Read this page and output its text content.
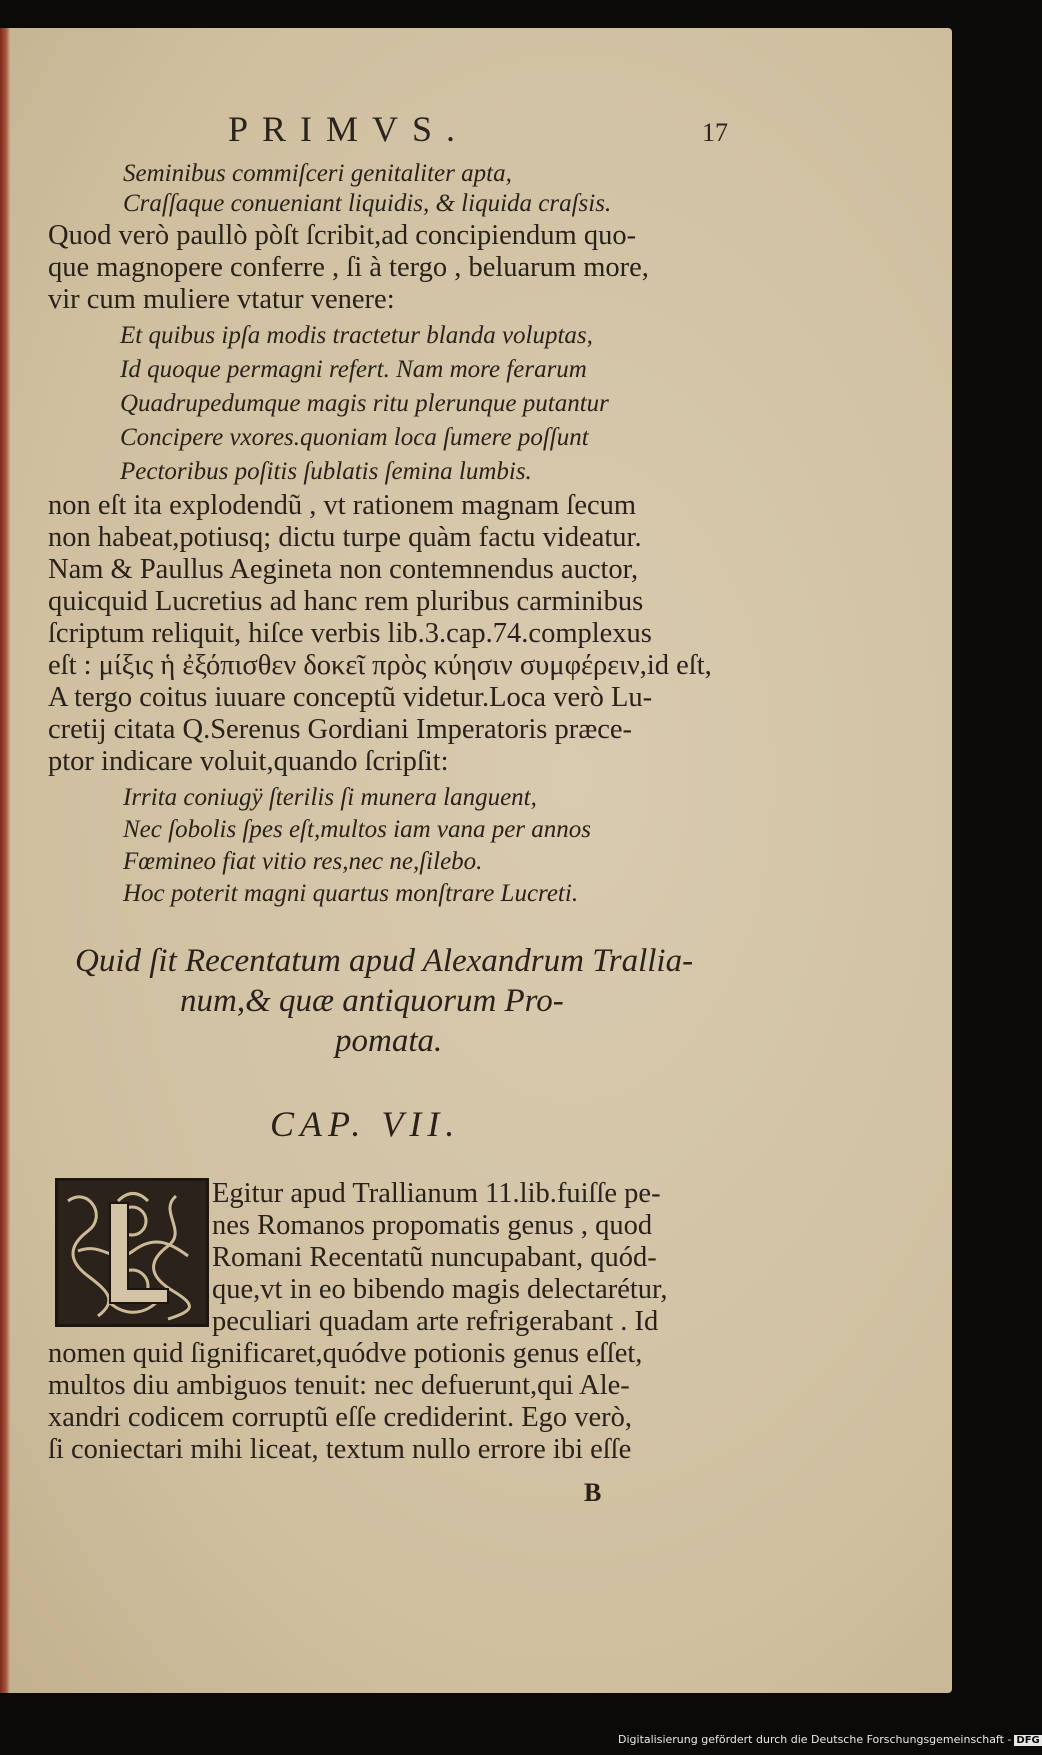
PRIMVS.	17
Seminibus commiſceri genitaliter apta,
Craſſaque conueniant liquidis, & liquida craſsis.
Quod verò paullò pòſt ſcribit,ad concipiendum quo-
que magnopere conferre , ſi à tergo , beluarum more,
vir cum muliere vtatur venere:
Et quibus ipſa modis tractetur blanda voluptas,
Id quoque permagni refert. Nam more ferarum
Quadrupedumque magis ritu plerunque putantur
Concipere vxores.quoniam loca ſumere poſſunt
Pectoribus poſitis ſublatis ſemina lumbis.
non eſt ita explodendũ , vt rationem magnam ſecum
non habeat,potiusq; dictu turpe quàm factu videatur.
Nam & Paullus Aegineta non contemnendus auctor,
quicquid Lucretius ad hanc rem pluribus carminibus
ſcriptum reliquit, hiſce verbis lib.3.cap.74.complexus
eſt : μίξις ἡ ἐξόπισθεν δοκεῖ πρὸς κύησιν συμφέρειν,id eſt,
A tergo coitus iuuare conceptũ videtur.Loca verò Lu-
cretij citata Q.Serenus Gordiani Imperatoris præce-
ptor indicare voluit,quando ſcripſit:
Irrita coniugÿ ſterilis ſi munera languent,
Nec ſobolis ſpes eſt,multos iam vana per annos
Fœmineo fiat vitio res,nec ne,ſilebo.
Hoc poterit magni quartus monſtrare Lucreti.
Quid ſit Recentatum apud Alexandrum Trallia-
num,& quæ antiquorum Pro-
pomata.
CAP. VII.
Egitur apud Trallianum 11.lib.fuiſſe pe-
nes Romanos propomatis genus , quod
Romani Recentatũ nuncupabant, quód-
que,vt in eo bibendo magis delectarétur,
peculiari quadam arte refrigerabant . Id
nomen quid ſignificaret,quódve potionis genus eſſet,
multos diu ambiguos tenuit: nec defuerunt,qui Ale-
xandri codicem corruptũ eſſe crediderint. Ego verò,
ſi coniectari mihi liceat, textum nullo errore ibi eſſe
B
Digitalisierung gefördert durch die Deutsche Forschungsgemeinschaft - DFG
